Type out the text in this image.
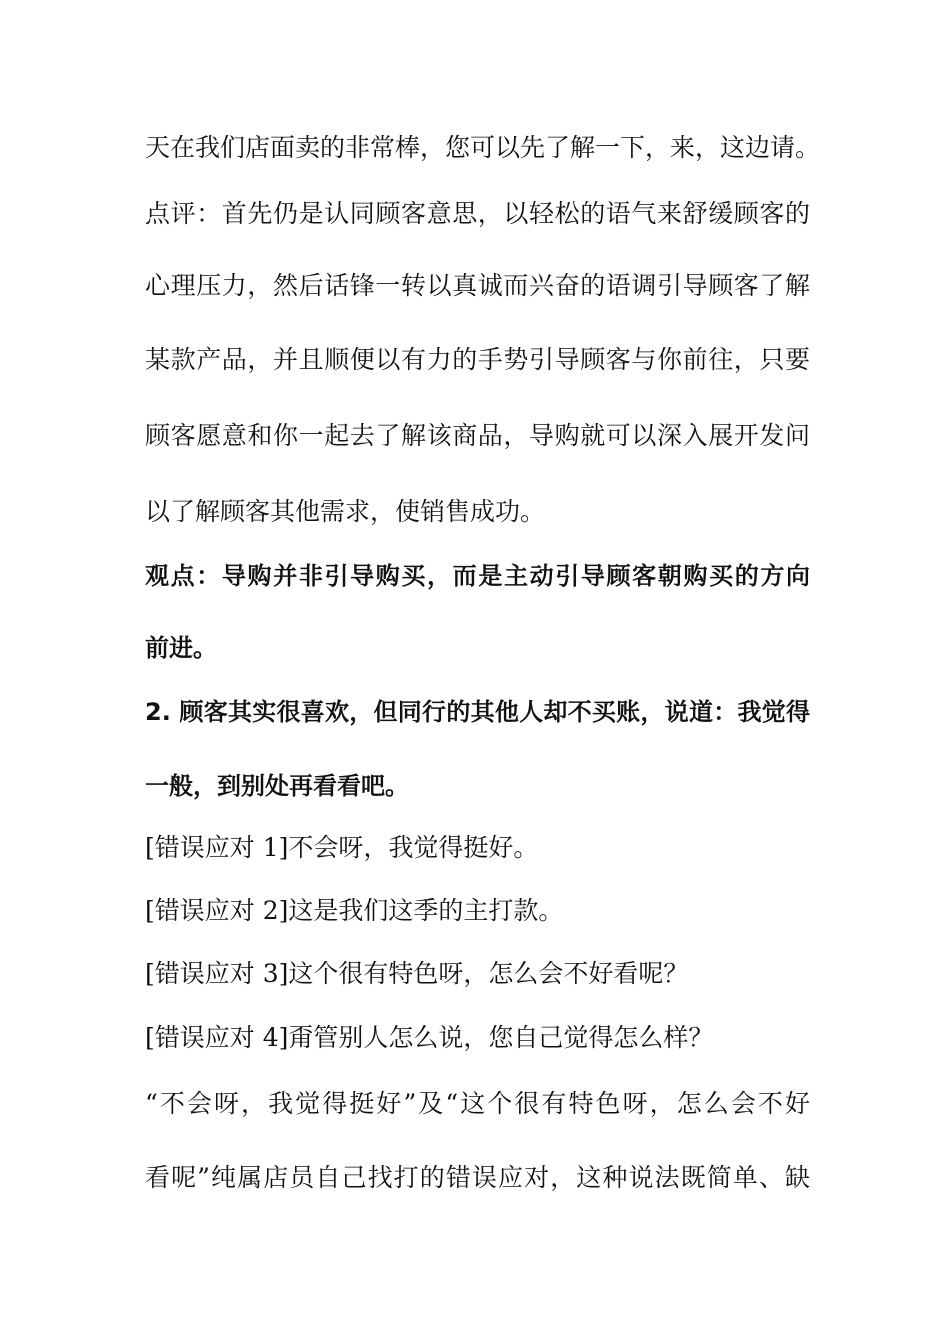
天在我们店面卖的非常棒，您可以先了解一下，来，这边请。
点评：首先仍是认同顾客意思，以轻松的语气来舒缓顾客的
心理压力，然后话锋一转以真诚而兴奋的语调引导顾客了解
某款产品，并且顺便以有力的手势引导顾客与你前往，只要
顾客愿意和你一起去了解该商品，导购就可以深入展开发问
以了解顾客其他需求，使销售成功。
观点：导购并非引导购买，而是主动引导顾客朝购买的方向
前进。
2. 顾客其实很喜欢，但同行的其他人却不买账，说道：我觉得
一般，到别处再看看吧。
[错误应对 1]不会呀，我觉得挺好。
[错误应对 2]这是我们这季的主打款。
[错误应对 3]这个很有特色呀，怎么会不好看呢？
[错误应对 4]甭管别人怎么说，您自己觉得怎么样？
“不会呀，我觉得挺好”及“这个很有特色呀，怎么会不好
看呢”纯属店员自己找打的错误应对，这种说法既简单、缺
